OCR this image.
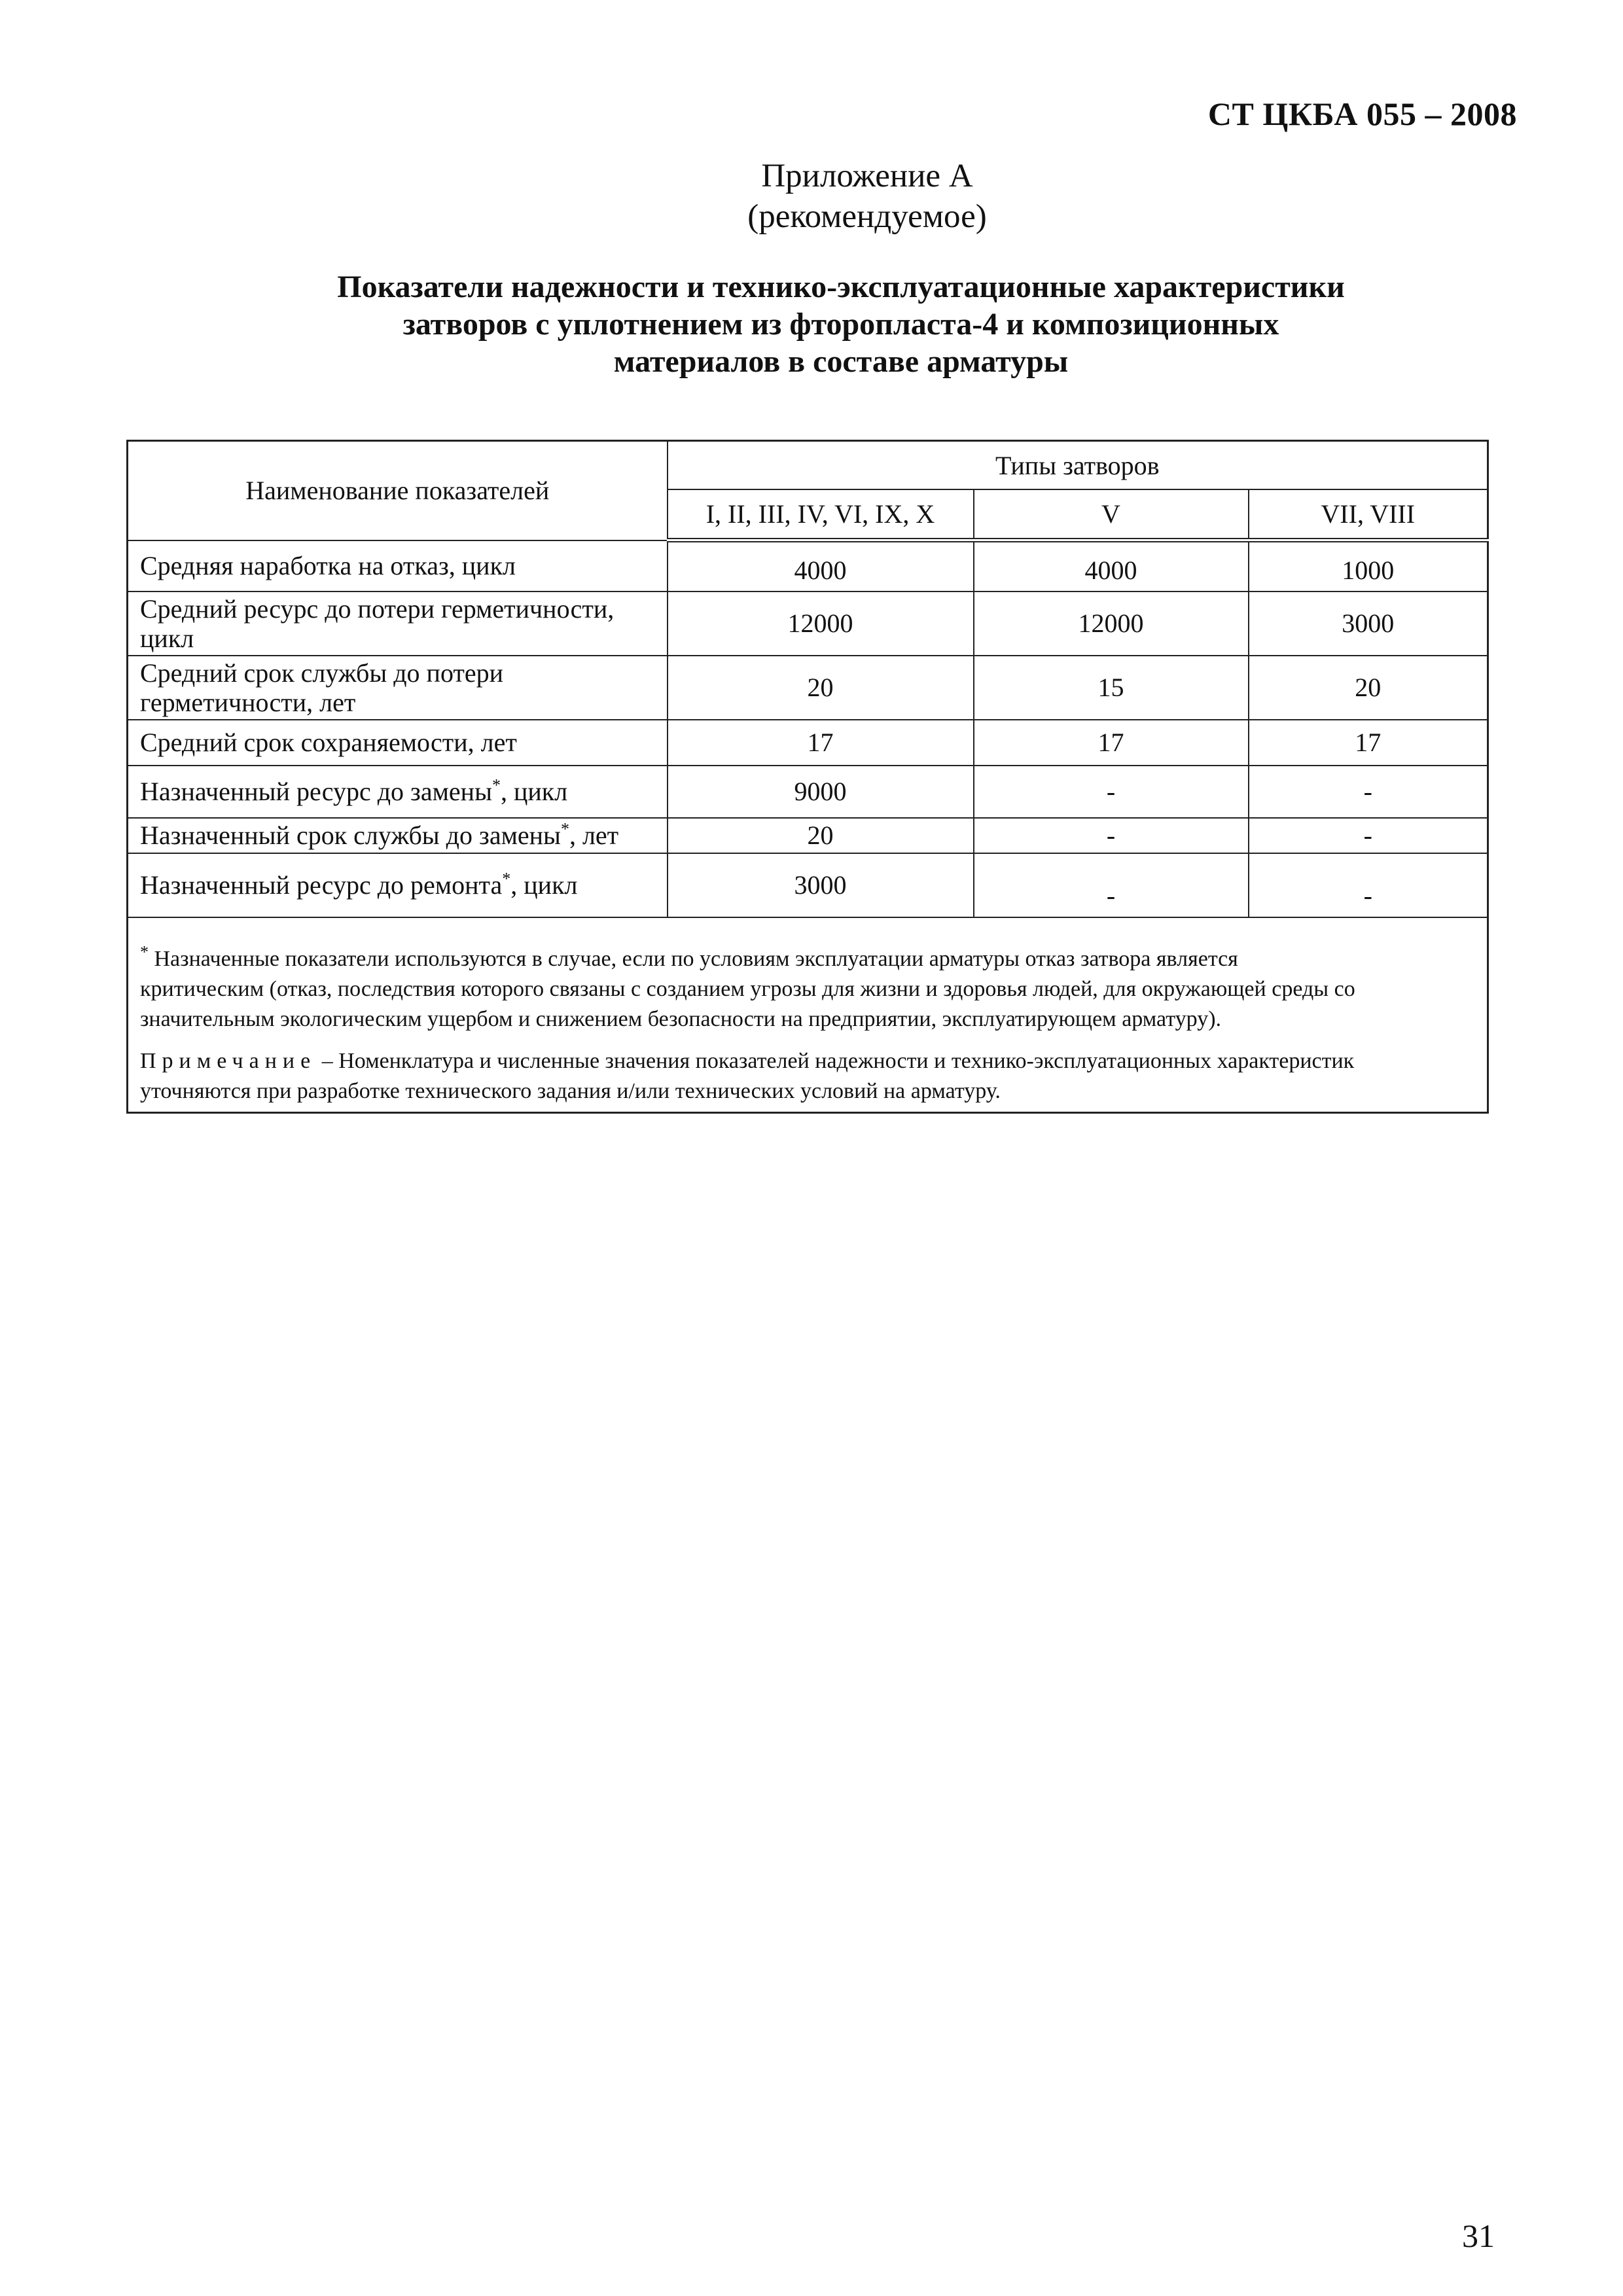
СТ ЦКБА 055 – 2008
Приложение А
(рекомендуемое)
Показатели надежности и технико-эксплуатационные характеристики
затворов с уплотнением из фторопласта-4 и композиционных
материалов в составе арматуры
Наименование показателей	Типы затворов		
	I, II, III, IV, VI, IX, X	V	VII, VIII
Средняя наработка на отказ, цикл	4000	4000	1000
Средний ресурс до потери герметичности,
цикл	12000	12000	3000
Средний срок службы до потери
герметичности, лет	20	15	20
Средний срок сохраняемости, лет	17	17	17
Назначенный ресурс до замены*, цикл	9000	-	-
Назначенный срок службы до замены*, лет	20	-	-
Назначенный ресурс до ремонта*, цикл	3000	-	-

* Назначенные показатели используются в случае, если по условиям эксплуатации арматуры отказ затвора является
критическим (отказ, последствия которого связаны с созданием угрозы для жизни и здоровья людей, для окружающей среды со
значительным экологическим ущербом и снижением безопасности на предприятии, эксплуатирующем арматуру).
Примечание – Номенклатура и численные значения показателей надежности и технико-эксплуатационных характеристик
уточняются при разработке технического задания и/или технических условий на арматуру.			
31
